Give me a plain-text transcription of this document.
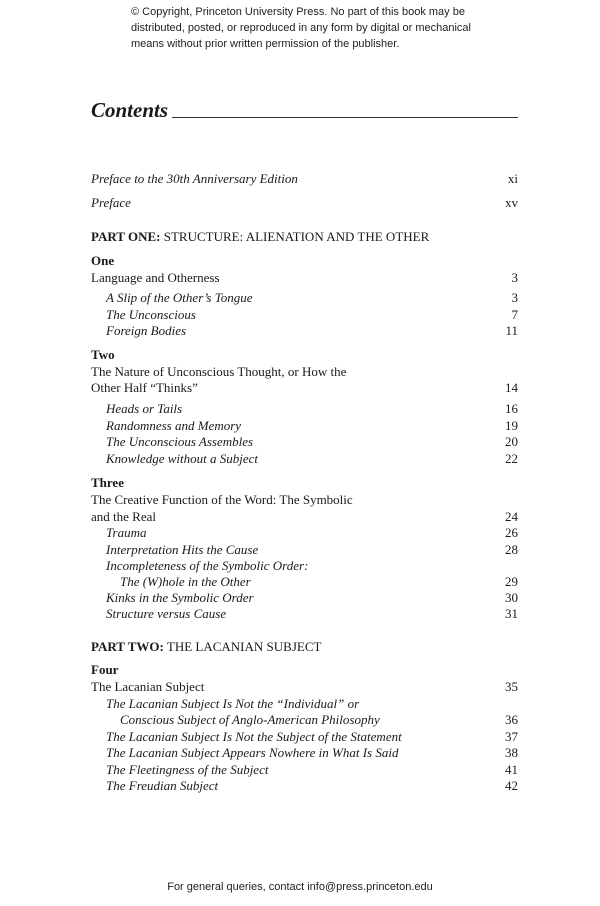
© Copyright, Princeton University Press. No part of this book may be distributed, posted, or reproduced in any form by digital or mechanical means without prior written permission of the publisher.
Contents
Preface to the 30th Anniversary Edition	xi
Preface	xv
PART ONE: STRUCTURE: ALIENATION AND THE OTHER
One
Language and Otherness	3
A Slip of the Other’s Tongue	3
The Unconscious	7
Foreign Bodies	11
Two
The Nature of Unconscious Thought, or How the
Other Half “Thinks”	14
Heads or Tails	16
Randomness and Memory	19
The Unconscious Assembles	20
Knowledge without a Subject	22
Three
The Creative Function of the Word: The Symbolic
and the Real	24
Trauma	26
Interpretation Hits the Cause	28
Incompleteness of the Symbolic Order:
The (W)hole in the Other	29
Kinks in the Symbolic Order	30
Structure versus Cause	31
PART TWO: THE LACANIAN SUBJECT
Four
The Lacanian Subject	35
The Lacanian Subject Is Not the “Individual” or
Conscious Subject of Anglo-American Philosophy	36
The Lacanian Subject Is Not the Subject of the Statement	37
The Lacanian Subject Appears Nowhere in What Is Said	38
The Fleetingness of the Subject	41
The Freudian Subject	42
For general queries, contact info@press.princeton.edu
